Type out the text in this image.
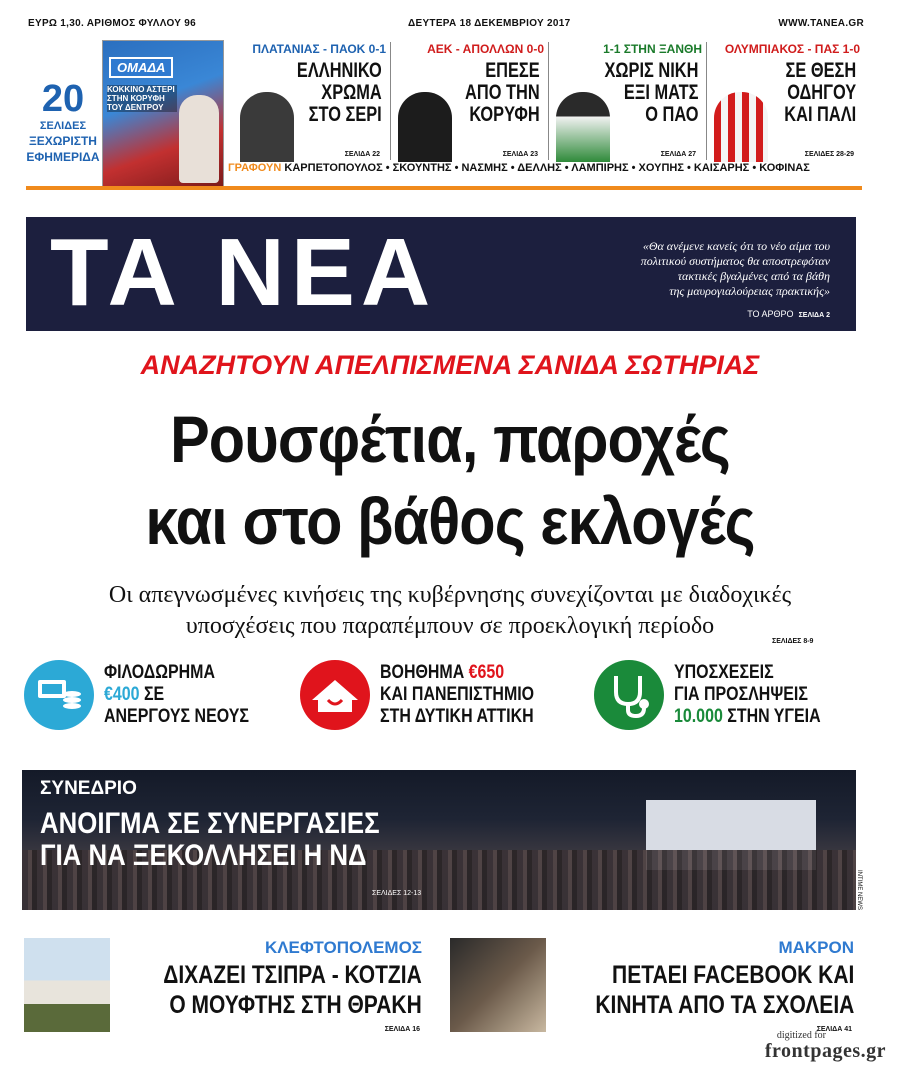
ΕΥΡΩ 1,30. ΑΡΙΘΜΟΣ ΦΥΛΛΟΥ 96	ΔΕΥΤΕΡΑ 18 ΔΕΚΕΜΒΡΙΟΥ 2017	WWW.TANEA.GR
20
ΣΕΛΙΔΕΣ
ΞΕΧΩΡΙΣΤΗ
ΕΦΗΜΕΡΙΔΑ
ΟΜΑΔΑ
ΚΟΚΚΙΝΟ ΑΣΤΕΡΙ ΣΤΗΝ ΚΟΡΥΦΗ ΤΟΥ ΔΕΝΤΡΟΥ
ΠΛΑΤΑΝΙΑΣ - ΠΑΟΚ 0-1
ΕΛΛΗΝΙΚΟ
ΧΡΩΜΑ
ΣΤΟ ΣΕΡΙ
ΣΕΛΙΔΑ 22
ΑΕΚ - ΑΠΟΛΛΩΝ 0-0
ΕΠΕΣΕ
ΑΠΟ ΤΗΝ
ΚΟΡΥΦΗ
ΣΕΛΙΔΑ 23
1-1 ΣΤΗΝ ΞΑΝΘΗ
ΧΩΡΙΣ ΝΙΚΗ
ΕΞΙ ΜΑΤΣ
Ο ΠΑΟ
ΣΕΛΙΔΑ 27
ΟΛΥΜΠΙΑΚΟΣ - ΠΑΣ 1-0
ΣΕ ΘΕΣΗ
ΟΔΗΓΟΥ
ΚΑΙ ΠΑΛΙ
ΣΕΛΙΔΕΣ 28-29
ΓΡΑΦΟΥΝ ΚΑΡΠΕΤΟΠΟΥΛΟΣ • ΣΚΟΥΝΤΗΣ • ΝΑΣΜΗΣ • ΔΕΛΛΗΣ • ΛΑΜΠΙΡΗΣ • ΧΟΥΠΗΣ • ΚΑΙΣΑΡΗΣ • ΚΟΦΙΝΑΣ
ΤΑ ΝΕΑ	«Θα ανέμενε κανείς ότι το νέο αίμα του
πολιτικού συστήματος θα αποστρεφόταν
τακτικές βγαλμένες από τα βάθη
της μαυρογιαλούρειας πρακτικής»
ΤΟ ΑΡΘΡΟ ΣΕΛΙΔΑ 2
ΑΝΑΖΗΤΟΥΝ ΑΠΕΛΠΙΣΜΕΝΑ ΣΑΝΙΔΑ ΣΩΤΗΡΙΑΣ
Ρουσφέτια, παροχές
και στο βάθος εκλογές
Οι απεγνωσμένες κινήσεις της κυβέρνησης συνεχίζονται με διαδοχικές
υποσχέσεις που παραπέμπουν σε προεκλογική περίοδο
ΣΕΛΙΔΕΣ 8-9
ΦΙΛΟΔΩΡΗΜΑ
€400 ΣΕ
ΑΝΕΡΓΟΥΣ ΝΕΟΥΣ
ΒΟΗΘΗΜΑ €650
ΚΑΙ ΠΑΝΕΠΙΣΤΗΜΙΟ
ΣΤΗ ΔΥΤΙΚΗ ΑΤΤΙΚΗ
ΥΠΟΣΧΕΣΕΙΣ
ΓΙΑ ΠΡΟΣΛΗΨΕΙΣ
10.000 ΣΤΗΝ ΥΓΕΙΑ
ΣΥΝΕΔΡΙΟ
ΑΝΟΙΓΜΑ ΣΕ ΣΥΝΕΡΓΑΣΙΕΣ
ΓΙΑ ΝΑ ΞΕΚΟΛΛΗΣΕΙ Η ΝΔ
ΣΕΛΙΔΕΣ 12-13	INTIME NEWS
ΚΛΕΦΤΟΠΟΛΕΜΟΣ
ΔΙΧΑΖΕΙ ΤΣΙΠΡΑ - ΚΟΤΖΙΑ
Ο ΜΟΥΦΤΗΣ ΣΤΗ ΘΡΑΚΗ
ΣΕΛΙΔΑ 16
ΜΑΚΡΟΝ
ΠΕΤΑΕΙ FACEBOOK ΚΑΙ
ΚΙΝΗΤΑ ΑΠΟ ΤΑ ΣΧΟΛΕΙΑ
ΣΕΛΙΔΑ 41
digitized for
frontpages.gr
